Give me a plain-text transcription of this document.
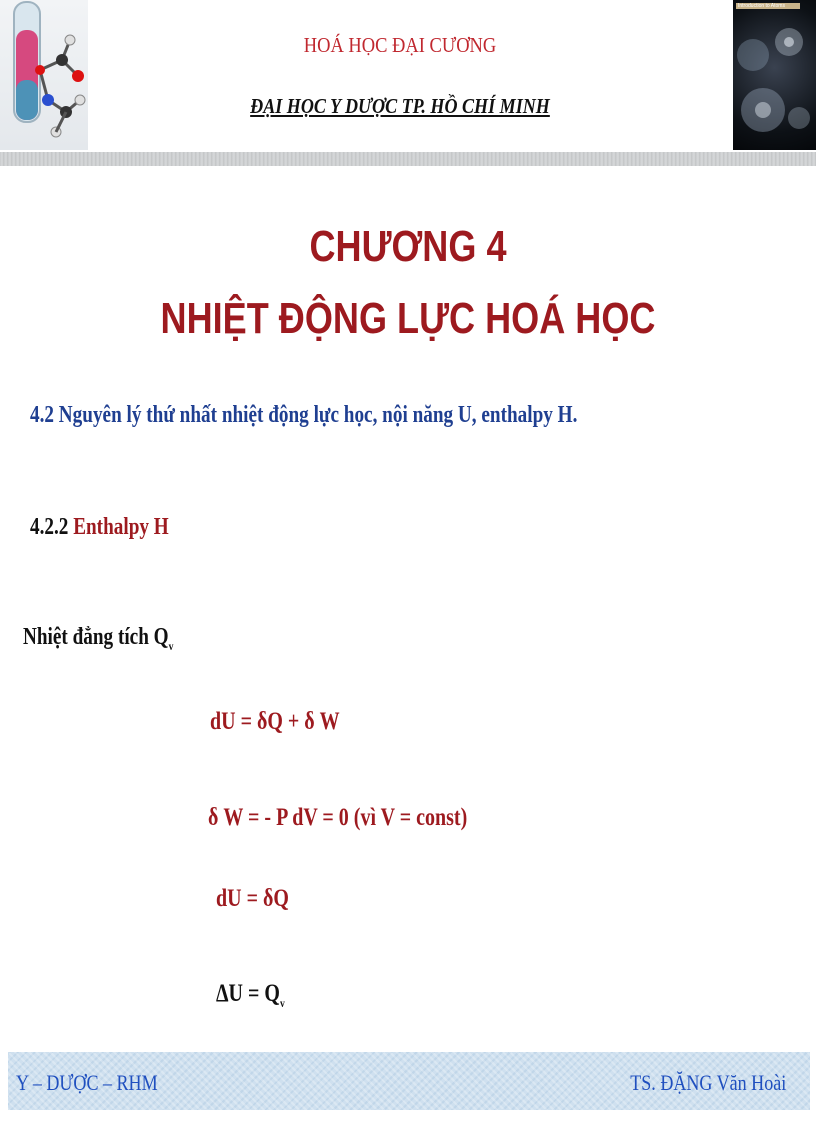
Introduction to Atoms
HOÁ HỌC ĐẠI CƯƠNG
ĐẠI HỌC Y DƯỢC TP. HỒ CHÍ MINH
CHƯƠNG 4
NHIỆT ĐỘNG LỰC HOÁ HỌC
4.2 Nguyên lý thứ nhất nhiệt động lực học, nội năng U, enthalpy H.
4.2.2 Enthalpy H
Nhiệt đẳng tích $Q_v$
dU = δQ + δ W
δ W = - P dV = 0 (vì V = const)
dU = δQ
$\Delta U = Q_v$
Y – DƯỢC – RHM	TS. ĐẶNG Văn Hoài
